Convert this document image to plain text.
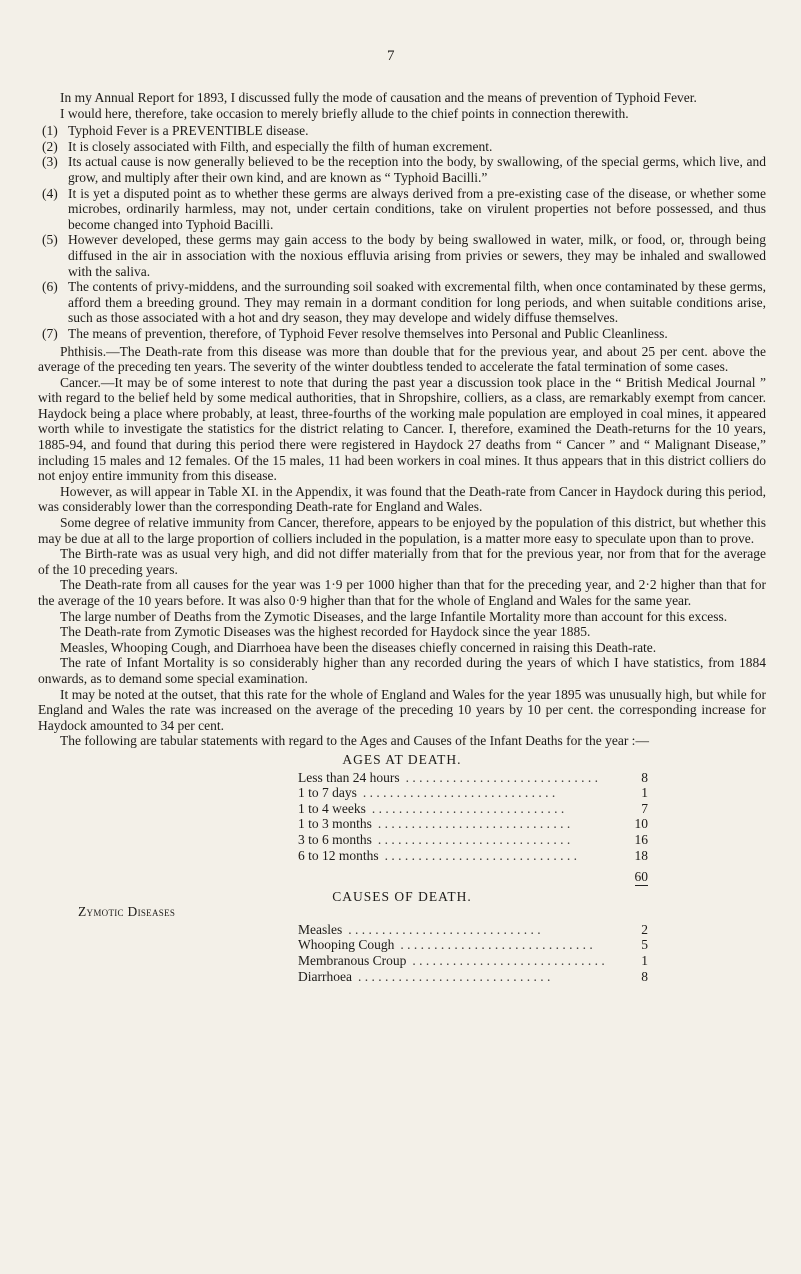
7

In my Annual Report for 1893, I discussed fully the mode of causation and the means of prevention of Typhoid Fever.

I would here, therefore, take occasion to merely briefly allude to the chief points in connection therewith.

(1) Typhoid Fever is a PREVENTIBLE disease.
(2) It is closely associated with Filth, and especially the filth of human excrement.
(3) Its actual cause is now generally believed to be the reception into the body, by swallowing, of the special germs, which live, and grow, and multiply after their own kind, and are known as “ Typhoid Bacilli.”
(4) It is yet a disputed point as to whether these germs are always derived from a pre-existing case of the disease, or whether some microbes, ordinarily harmless, may not, under certain conditions, take on virulent properties not before possessed, and thus become changed into Typhoid Bacilli.
(5) However developed, these germs may gain access to the body by being swallowed in water, milk, or food, or, through being diffused in the air in association with the noxious effluvia arising from privies or sewers, they may be inhaled and swallowed with the saliva.
(6) The contents of privy-middens, and the surrounding soil soaked with excremental filth, when once contaminated by these germs, afford them a breeding ground. They may remain in a dormant condition for long periods, and when suitable conditions arise, such as those associated with a hot and dry season, they may develope and widely diffuse themselves.
(7) The means of prevention, therefore, of Typhoid Fever resolve themselves into Personal and Public Cleanliness.

Phthisis.—The Death-rate from this disease was more than double that for the previous year, and about 25 per cent. above the average of the preceding ten years. The severity of the winter doubtless tended to accelerate the fatal termination of some cases.

Cancer.—It may be of some interest to note that during the past year a discussion took place in the “ British Medical Journal ” with regard to the belief held by some medical authorities, that in Shropshire, colliers, as a class, are remarkably exempt from cancer. Haydock being a place where probably, at least, three-fourths of the working male population are employed in coal mines, it appeared worth while to investigate the statistics for the district relating to Cancer. I, therefore, examined the Death-returns for the 10 years, 1885-94, and found that during this period there were registered in Haydock 27 deaths from “ Cancer ” and “ Malignant Disease,” including 15 males and 12 females. Of the 15 males, 11 had been workers in coal mines. It thus appears that in this district colliers do not enjoy entire immunity from this disease.

However, as will appear in Table XI. in the Appendix, it was found that the Death-rate from Cancer in Haydock during this period, was considerably lower than the corresponding Death-rate for England and Wales.

Some degree of relative immunity from Cancer, therefore, appears to be enjoyed by the population of this district, but whether this may be due at all to the large proportion of colliers included in the population, is a matter more easy to speculate upon than to prove.

The Birth-rate was as usual very high, and did not differ materially from that for the previous year, nor from that for the average of the 10 preceding years.

The Death-rate from all causes for the year was 1·9 per 1000 higher than that for the preceding year, and 2·2 higher than that for the average of the 10 years before. It was also 0·9 higher than that for the whole of England and Wales for the same year.

The large number of Deaths from the Zymotic Diseases, and the large Infantile Mortality more than account for this excess.

The Death-rate from Zymotic Diseases was the highest recorded for Haydock since the year 1885.

Measles, Whooping Cough, and Diarrhoea have been the diseases chiefly concerned in raising this Death-rate.

The rate of Infant Mortality is so considerably higher than any recorded during the years of which I have statistics, from 1884 onwards, as to demand some special examination.

It may be noted at the outset, that this rate for the whole of England and Wales for the year 1895 was unusually high, but while for England and Wales the rate was increased on the average of the preceding 10 years by 10 per cent. the corresponding increase for Haydock amounted to 34 per cent.

The following are tabular statements with regard to the Ages and Causes of the Infant Deaths for the year :—

AGES AT DEATH.
Less than 24 hours . . . . . . . . . . . . . . . . . . . . . . . . . . . . .	8
1 to 7 days . . . . . . . . . . . . . . . . . . . . . . . . . . . . .	1
1 to 4 weeks . . . . . . . . . . . . . . . . . . . . . . . . . . . . .	7
1 to 3 months . . . . . . . . . . . . . . . . . . . . . . . . . . . . .	10
3 to 6 months . . . . . . . . . . . . . . . . . . . . . . . . . . . . .	16
6 to 12 months . . . . . . . . . . . . . . . . . . . . . . . . . . . . .	18
60
CAUSES OF DEATH.
Zymotic Diseases
Measles . . . . . . . . . . . . . . . . . . . . . . . . . . . . .	2
Whooping Cough . . . . . . . . . . . . . . . . . . . . . . . . . . . . .	5
Membranous Croup . . . . . . . . . . . . . . . . . . . . . . . . . . . . .	1
Diarrhoea . . . . . . . . . . . . . . . . . . . . . . . . . . . . .	8
